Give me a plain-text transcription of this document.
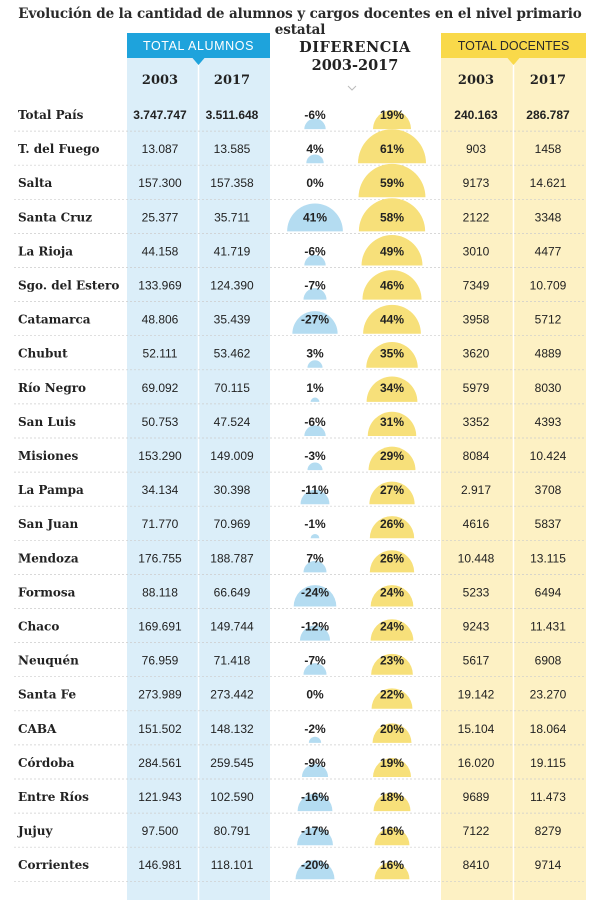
Evolución de la cantidad de alumnos y cargos docentes en el nivel primario estatal
TOTAL ALUMNOS	TOTAL DOCENTES
DIFERENCIA
2003-2017
2003	2017	2003	2017
Total País	3.747.747 3.511.648	-6%	19%	240.163 286.787
T. del Fuego	13.087	13.585	4%	61%	903	1458
Salta	157.300 157.358	0%	59%	9173	14.621
Santa Cruz	25.377	35.711	41%	58%	2122	3348
La Rioja	44.158	41.719	-6%	49%	3010	4477
Sgo. del Estero 133.969 124.390	-7%	46%	7349	10.709
Catamarca	48.806	35.439	-27%	44%	3958	5712
Chubut	52.111	53.462	3%	35%	3620	4889
Río Negro	69.092	70.115	1%	34%	5979	8030
San Luis	50.753	47.524	-6%	31%	3352	4393
Misiones	153.290 149.009	-3%	29%	8084	10.424
La Pampa	34.134	30.398	-11%	27%	2.917	3708
San Juan	71.770	70.969	-1%	26%	4616	5837
Mendoza	176.755 188.787	7%	26%	10.448	13.115
Formosa	88.118	66.649	-24%	24%	5233	6494
Chaco	169.691 149.744	-12%	24%	9243	11.431
Neuquén	76.959	71.418	-7%	23%	5617	6908
Santa Fe	273.989 273.442	0%	22%	19.142	23.270
CABA	151.502 148.132	-2%	20%	15.104	18.064
Córdoba	284.561 259.545	-9%	19%	16.020	19.115
Entre Ríos	121.943 102.590	-16%	18%	9689	11.473
Jujuy	97.500	80.791	-17%	16%	7122	8279
Corrientes	146.981 118.101	-20%	16%	8410	9714
